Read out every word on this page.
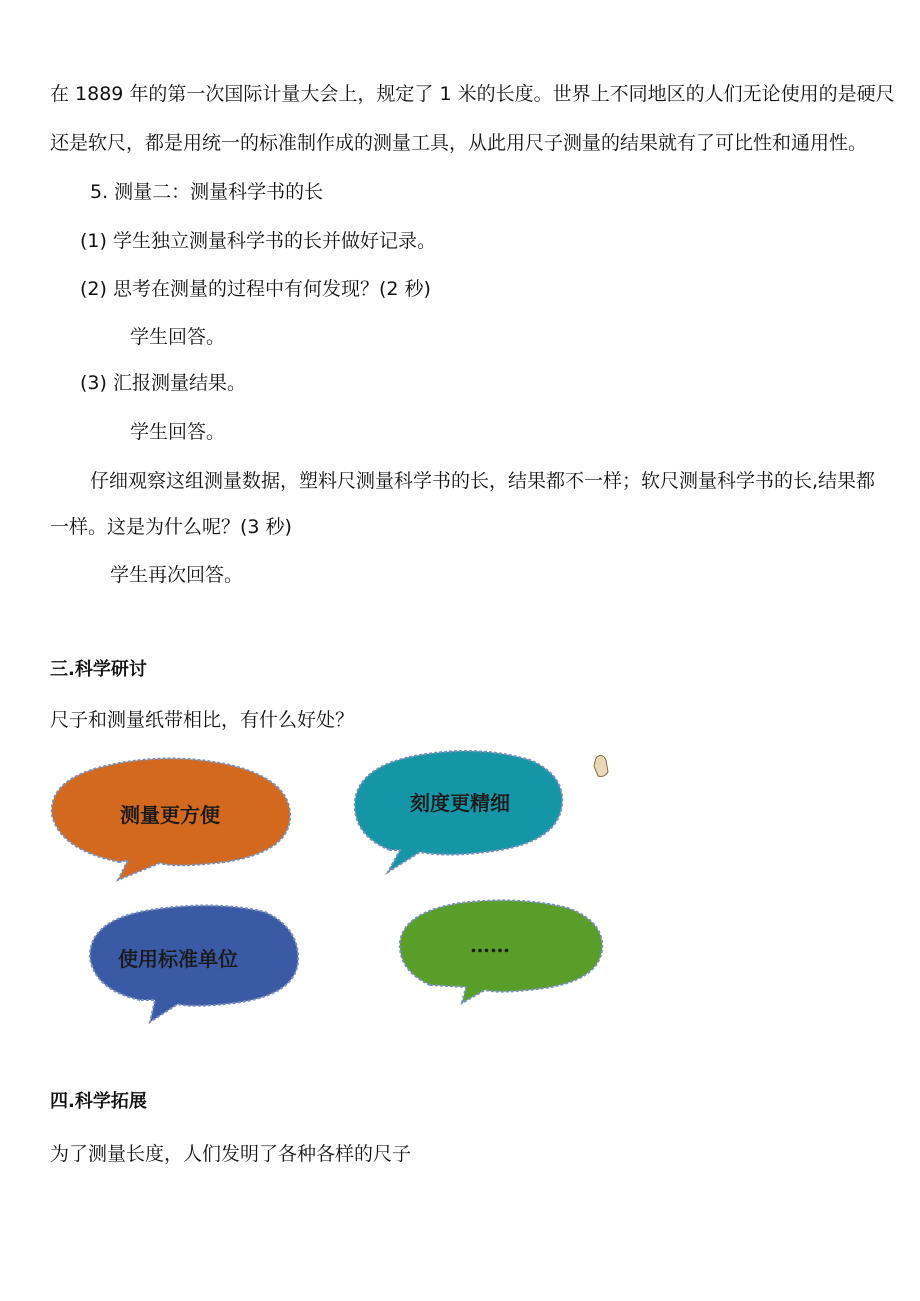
在 1889 年的第一次国际计量大会上，规定了 1 米的长度。世界上不同地区的人们无论使用的是硬尺

还是软尺，都是用统一的标准制作成的测量工具，从此用尺子测量的结果就有了可比性和通用性。

5. 测量二：测量科学书的长

(1) 学生独立测量科学书的长并做好记录。

(2) 思考在测量的过程中有何发现？(2 秒)

学生回答。

(3) 汇报测量结果。

学生回答。

仔细观察这组测量数据，塑料尺测量科学书的长，结果都不一样；软尺测量科学书的长,结果都

一样。这是为什么呢？(3 秒)

学生再次回答。

三.科学研讨

尺子和测量纸带相比，有什么好处？

测量更方便	刻度更精细
使用标准单位
……

四.科学拓展

为了测量长度，人们发明了各种各样的尺子
